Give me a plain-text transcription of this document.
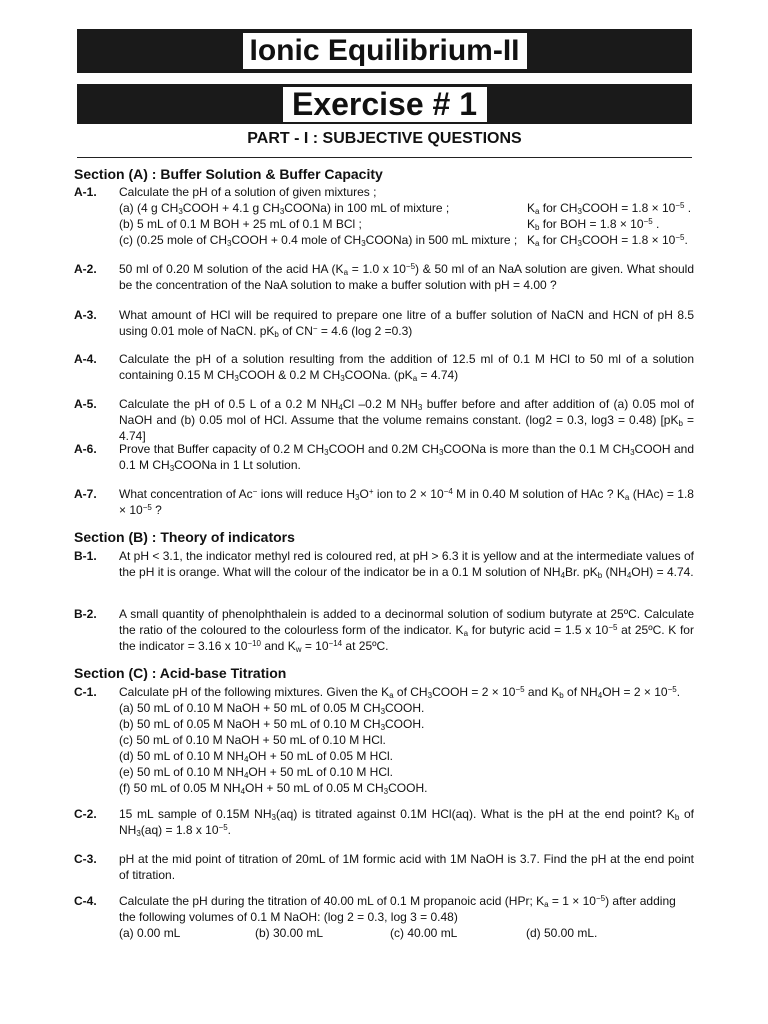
Ionic Equilibrium-II
Exercise # 1
PART - I : SUBJECTIVE QUESTIONS
Section (A) : Buffer Solution & Buffer Capacity
A-1. Calculate the pH of a solution of given mixtures ;
(a) (4 g $CH_3COOH + 4.1$ g $CH_3COONa$) in 100 mL of mixture ;	$K_a$ for $CH_3COOH = 1.8 \times 10^{-5}$ .
(b) 5 mL of 0.1 M BOH + 25 mL of 0.1 M BCl ;	$K_b$ for BOH = $1.8 \times 10^{-5}$ .
(c) (0.25 mole of $CH_3COOH + 0.4$ mole of $CH_3COONa$) in 500 mL mixture ; $K_a$ for $CH_3COOH = 1.8 \times 10^{-5}$.
A-2. 50 ml of 0.20 M solution of the acid HA ($K_a = 1.0$ x $10^{-5}$) & 50 ml of an NaA solution are given. What should be the concentration of the NaA solution to make a buffer solution with pH = 4.00 ?
A-3. What amount of HCl will be required to prepare one litre of a buffer solution of NaCN and HCN of pH 8.5 using 0.01 mole of NaCN. $pK_b$ of CN− = 4.6 (log 2 =0.3)
A-4. Calculate the pH of a solution resulting from the addition of 12.5 ml of 0.1 M HCl to 50 ml of a solution containing 0.15 M $CH_3COOH$ & 0.2 M $CH_3COONa$. $(pK_a = 4.74)$
A-5. Calculate the pH of 0.5 L of a 0.2 M $NH_4Cl$ –0.2 M $NH_3$ buffer before and after addition of (a) 0.05 mol of NaOH and (b) 0.05 mol of HCl. Assume that the volume remains constant. (log2 = 0.3, log3 = 0.48) $[pK_b = 4.74]$
A-6. Prove that Buffer capacity of 0.2 M $CH_3COOH$ and 0.2M $CH_3COONa$ is more than the 0.1 M $CH_3COOH$ and 0.1 M $CH_3COONa$ in 1 Lt solution.
A-7. What concentration of Ac− ions will reduce $H_3O^+$ ion to $2 \times 10^{-4}$ M in 0.40 M solution of HAc ? $K_a$ $(HAc) = 1.8 \times 10^{-5}$ ?
Section (B) : Theory of indicators
B-1. At pH < 3.1, the indicator methyl red is coloured red, at pH > 6.3 it is yellow and at the intermediate values of the pH it is orange. What will the colour of the indicator be in a 0.1 M solution of $NH_4Br$. $pK_b$ $(NH_4OH) = 4.74$.
B-2. A small quantity of phenolphthalein is added to a decinormal solution of sodium butyrate at 25ºC. Calculate the ratio of the coloured to the colourless form of the indicator. $K_a$ for butyric acid = 1.5 x $10^{-5}$ at 25ºC. K for the indicator = 3.16 x $10^{-10}$ and $K_w = 10^{-14}$ at 25ºC.
Section (C) : Acid-base Titration
C-1. Calculate pH of the following mixtures. Given the $K_a$ of $CH_3COOH = 2 \times 10^{-5}$ and $K_b$ of $NH_4OH = 2 \times 10^{-5}$.
(a) 50 mL of 0.10 M NaOH + 50 mL of 0.05 M $CH_3COOH$.
(b) 50 mL of 0.05 M NaOH + 50 mL of 0.10 M $CH_3COOH$.
(c) 50 mL of 0.10 M NaOH + 50 mL of 0.10 M HCl.
(d) 50 mL of 0.10 M $NH_4OH + 50$ mL of 0.05 M HCl.
(e) 50 mL of 0.10 M $NH_4OH + 50$ mL of 0.10 M HCl.
(f) 50 mL of 0.05 M $NH_4OH + 50$ mL of 0.05 M $CH_3COOH$.
C-2. 15 mL sample of 0.15M $NH_3(aq)$ is titrated against 0.1M HCl(aq). What is the pH at the end point? $K_b$ of $NH_3(aq) = 1.8$ x $10^{-5}$.
C-3. pH at the mid point of titration of 20mL of 1M formic acid with 1M NaOH is 3.7. Find the pH at the end point of titration.
C-4. Calculate the pH during the titration of 40.00 mL of 0.1 M propanoic acid (HPr; $K_a = 1 \times 10^{-5}$) after adding the following volumes of 0.1 M NaOH: (log 2 = 0.3, log 3 = 0.48)
(a) 0.00 mL	(b) 30.00 mL	(c) 40.00 mL	(d) 50.00 mL.
